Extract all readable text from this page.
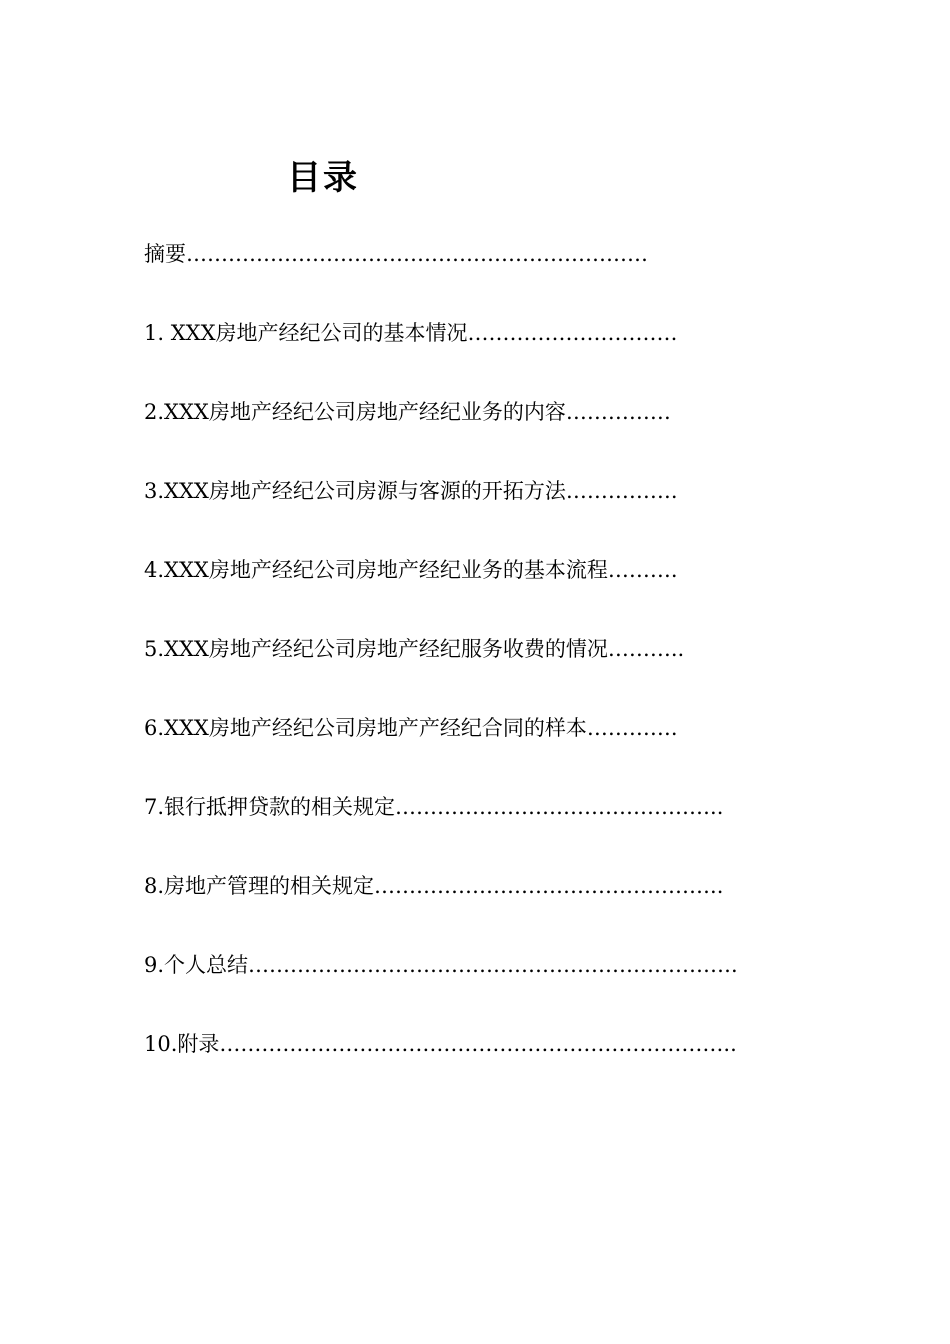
目录
摘要…………………………………………………………
1. XXX房地产经纪公司的基本情况…………………………
2.XXX房地产经纪公司房地产经纪业务的内容……………
3.XXX房地产经纪公司房源与客源的开拓方法…………….
4.XXX房地产经纪公司房地产经纪业务的基本流程……….
5.XXX房地产经纪公司房地产经纪服务收费的情况………..
6.XXX房地产经纪公司房地产产经纪合同的样本………….
7.银行抵押贷款的相关规定………………………………………..
8.房地产管理的相关规定…………………………………………..
9.个人总结…………………………………………………………….
10.附录………………………………………………………………..
